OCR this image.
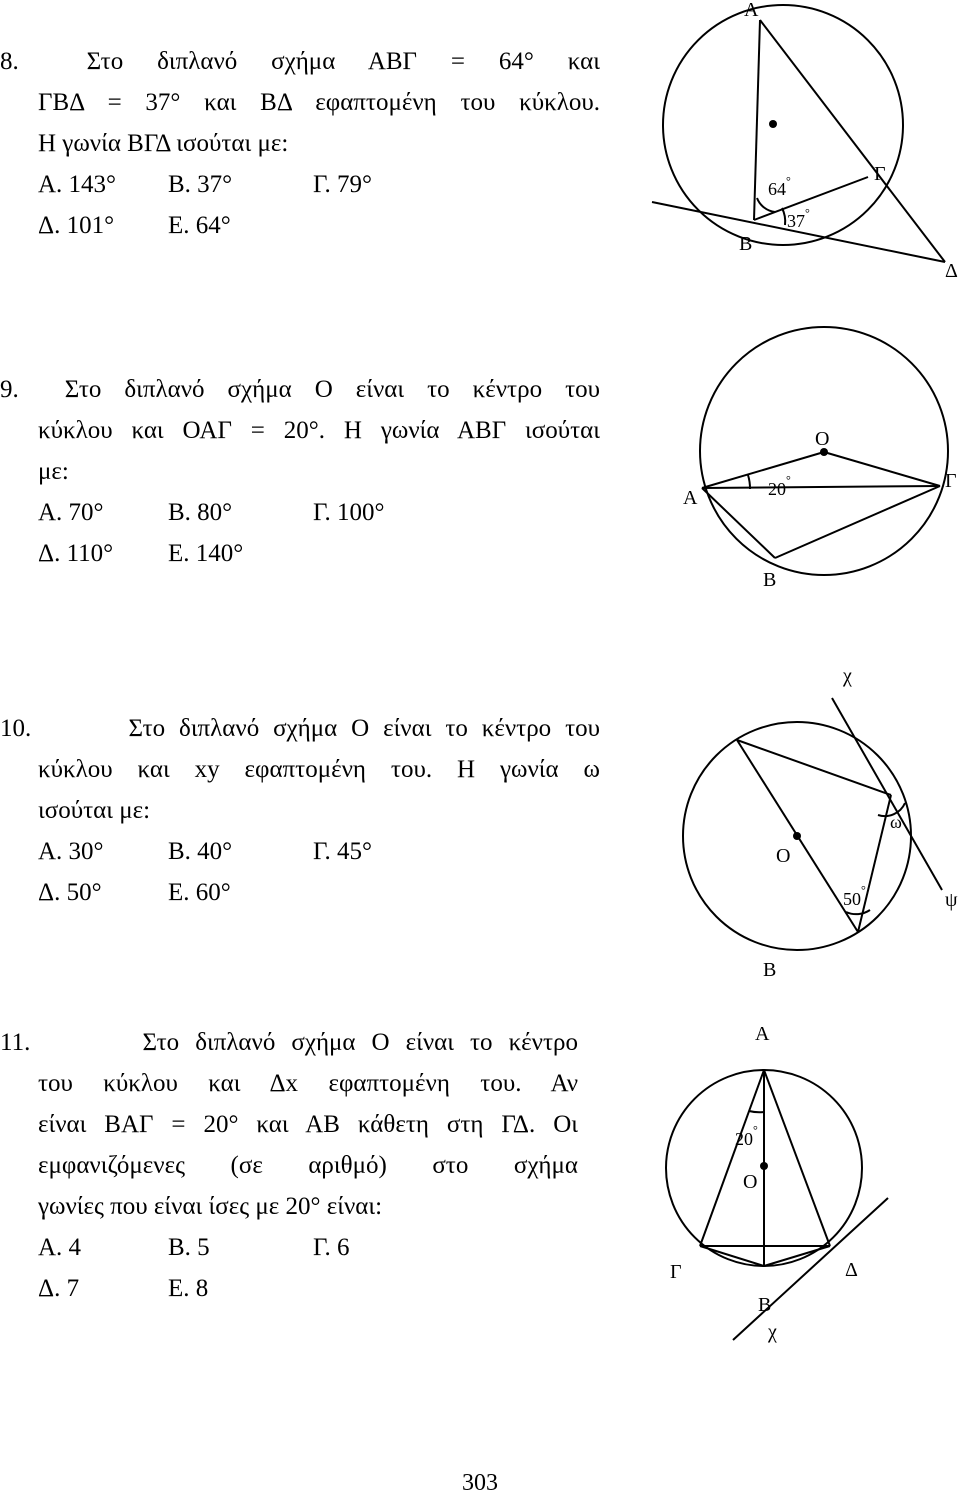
8.	Στο διπλανό σχήμα ΑΒΓ = 64° και
ΓΒΔ = 37° και ΒΔ εφαπτομένη του κύκλου.
Η γωνία ΒΓΔ ισούται με:
Α. 143°	Β. 37°	Γ. 79°
Δ. 101°	Ε. 64°
9. Στο διπλανό σχήμα Ο είναι το κέντρο του
κύκλου και ΟΑΓ = 20°. Η γωνία ΑΒΓ ισούται
με:
Α. 70°	Β. 80°	Γ. 100°
Δ. 110°	Ε. 140°
10.	Στο διπλανό σχήμα Ο είναι το κέντρο του
κύκλου και xy εφαπτομένη του. Η γωνία ω
ισούται με:
Α. 30°	Β. 40°	Γ. 45°
Δ. 50°	Ε. 60°
11.	Στο διπλανό σχήμα Ο είναι το κέντρο
του κύκλου και Δx εφαπτομένη του. Αν
είναι ΒΑΓ = 20° και ΑΒ κάθετη στη ΓΔ. Οι
εμφανιζόμενες (σε αριθμό) στο σχήμα
γωνίες που είναι ίσες με 20° είναι:
Α. 4	Β. 5	Γ. 6
Δ. 7	Ε. 8
Α
Β
Γ
Δ
64 °
37 °
Ο
Α
Γ
Β
20 °
χ
ψ
Ο
Β
ω
50 °
Α
Ο
Γ	Δ
Β
χ
20 °
303
